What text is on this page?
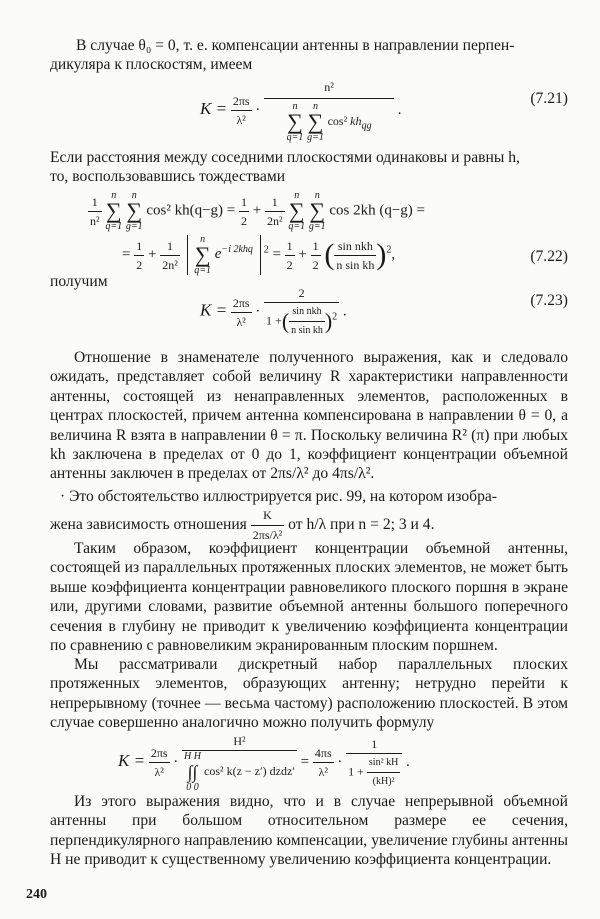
В случае θ₀ = 0, т. е. компенсации антенны в направлении перпен-
дикуляра к плоскостям, имеем
$K = \frac{2\pi s}{\text{λ²}}$ ·
n²
n
∑
q=1

n
∑
g=1
cos² $kh_{qg}$
.
(7.21)
Если расстояния между соседними плоскостями одинаковы и равны h,
то, воспользовавшись тождествами
$\frac{1}{\text{n²}}$
n
∑
q=1

n
∑
g=1
cos² $kh(q-g) = \frac{1}{2} + \frac{1}{\text{2n²}}$
n
∑
q=1

n
∑
g=1
cos 2kh (q−g) =
= $\frac{1}{2} + \frac{1}{\text{2n²}}$
	n
∑
q=1
$e^{-i 2khq}$ $^2 = \frac{1}{2} + \frac{1}{2}$ ( $\frac{\text{sin nkh}}{\text{n sin kh}} )^2$,	(7.22)
получим
$K = \frac{2\pi s}{\text{λ²}} \cdot \frac{2}{1 +( \frac{\text{sin nkh}}{\text{n sin kh}} )^2}$ .
(7.23)

Отношение в знаменателе полученного выражения, как и следовало ожидать, представляет собой величину R характеристики направленности антенны, состоящей из ненаправленных элементов, расположенных в центрах плоскостей, причем антенна компенсирована в направлении θ = 0, а величина R взята в направлении θ = π. Поскольку величина R² (π) при любых kh заключена в пределах от 0 до 1, коэффициент концентрации объемной антенны заключен в пределах от 2πs/λ² до 4πs/λ².

· Это обстоятельство иллюстрируется рис. 99, на котором изобра-
жена зависимость отношения $\frac{K}{\text{2πs/λ²}}$ от h/λ при n = 2; 3 и 4.

Таким образом, коэффициент концентрации объемной антенны, состоящей из параллельных протяженных плоских элементов, не может быть выше коэффициента концентрации равновеликого плоского поршня в экране или, другими словами, развитие объемной антенны большого поперечного сечения в глубину не приводит к увеличению коэффициента концентрации по сравнению с равновеликим экранированным плоским поршнем.

Мы рассматривали дискретный набор параллельных плоских протяженных элементов, образующих антенну; нетрудно перейти к непрерывному (точнее — весьма частому) расположению плоскостей. В этом случае совершенно аналогично можно получить формулу

$K = \frac{2\pi s}{\text{λ²}} \cdot H^2$
H H
∫∫
0 0
cos² k(z − z′) dzdz′ = $\frac{4\pi s}{\text{λ²}} \cdot \frac{1}{1 + \frac{\text{sin² kH}}{\text{(kH)²}}}$ .

Из этого выражения видно, что и в случае непрерывной объемной антенны при большом относительном размере ее сечения, перпендикулярного направлению компенсации, увеличение глубины антенны H не приводит к существенному увеличению коэффициента концентрации.

240
